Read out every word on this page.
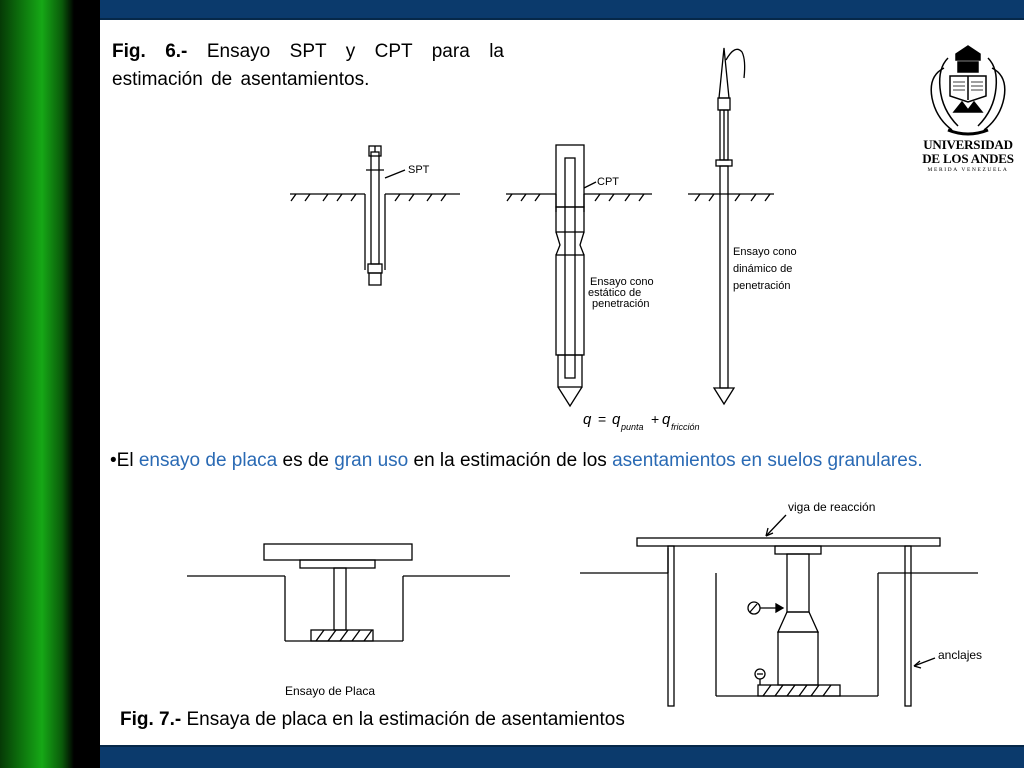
Fig. 6.- Ensayo SPT y CPT para la estimación de asentamientos.
SPT
CPT
Ensayo cono
estático de
penetración
Ensayo cono
dinámico de
penetración
q = q punta + q fricción
Ensayo de Placa
viga de reacción
anclajes
•El ensayo de placa es de gran uso en la estimación de los asentamientos en suelos granulares.
Fig. 7.- Ensaya de placa en la estimación de asentamientos
UNIVERSIDAD
DE LOS ANDES
MERIDA VENEZUELA
